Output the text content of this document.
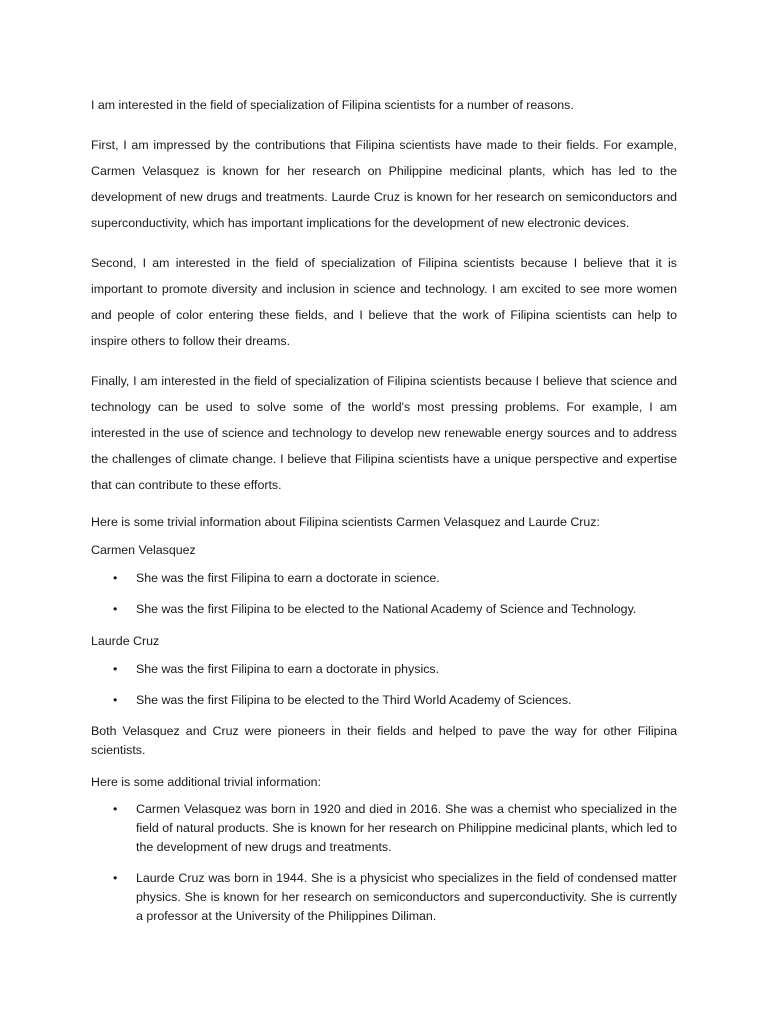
I am interested in the field of specialization of Filipina scientists for a number of reasons.

First, I am impressed by the contributions that Filipina scientists have made to their fields. For example, Carmen Velasquez is known for her research on Philippine medicinal plants, which has led to the development of new drugs and treatments. Laurde Cruz is known for her research on semiconductors and superconductivity, which has important implications for the development of new electronic devices.

Second, I am interested in the field of specialization of Filipina scientists because I believe that it is important to promote diversity and inclusion in science and technology. I am excited to see more women and people of color entering these fields, and I believe that the work of Filipina scientists can help to inspire others to follow their dreams.

Finally, I am interested in the field of specialization of Filipina scientists because I believe that science and technology can be used to solve some of the world's most pressing problems. For example, I am interested in the use of science and technology to develop new renewable energy sources and to address the challenges of climate change. I believe that Filipina scientists have a unique perspective and expertise that can contribute to these efforts.

Here is some trivial information about Filipina scientists Carmen Velasquez and Laurde Cruz:

Carmen Velasquez

• She was the first Filipina to earn a doctorate in science.
• She was the first Filipina to be elected to the National Academy of Science and Technology.

Laurde Cruz

• She was the first Filipina to earn a doctorate in physics.
• She was the first Filipina to be elected to the Third World Academy of Sciences.

Both Velasquez and Cruz were pioneers in their fields and helped to pave the way for other Filipina scientists.

Here is some additional trivial information:

• Carmen Velasquez was born in 1920 and died in 2016. She was a chemist who specialized in the field of natural products. She is known for her research on Philippine medicinal plants, which led to the development of new drugs and treatments.
• Laurde Cruz was born in 1944. She is a physicist who specializes in the field of condensed matter physics. She is known for her research on semiconductors and superconductivity. She is currently a professor at the University of the Philippines Diliman.
